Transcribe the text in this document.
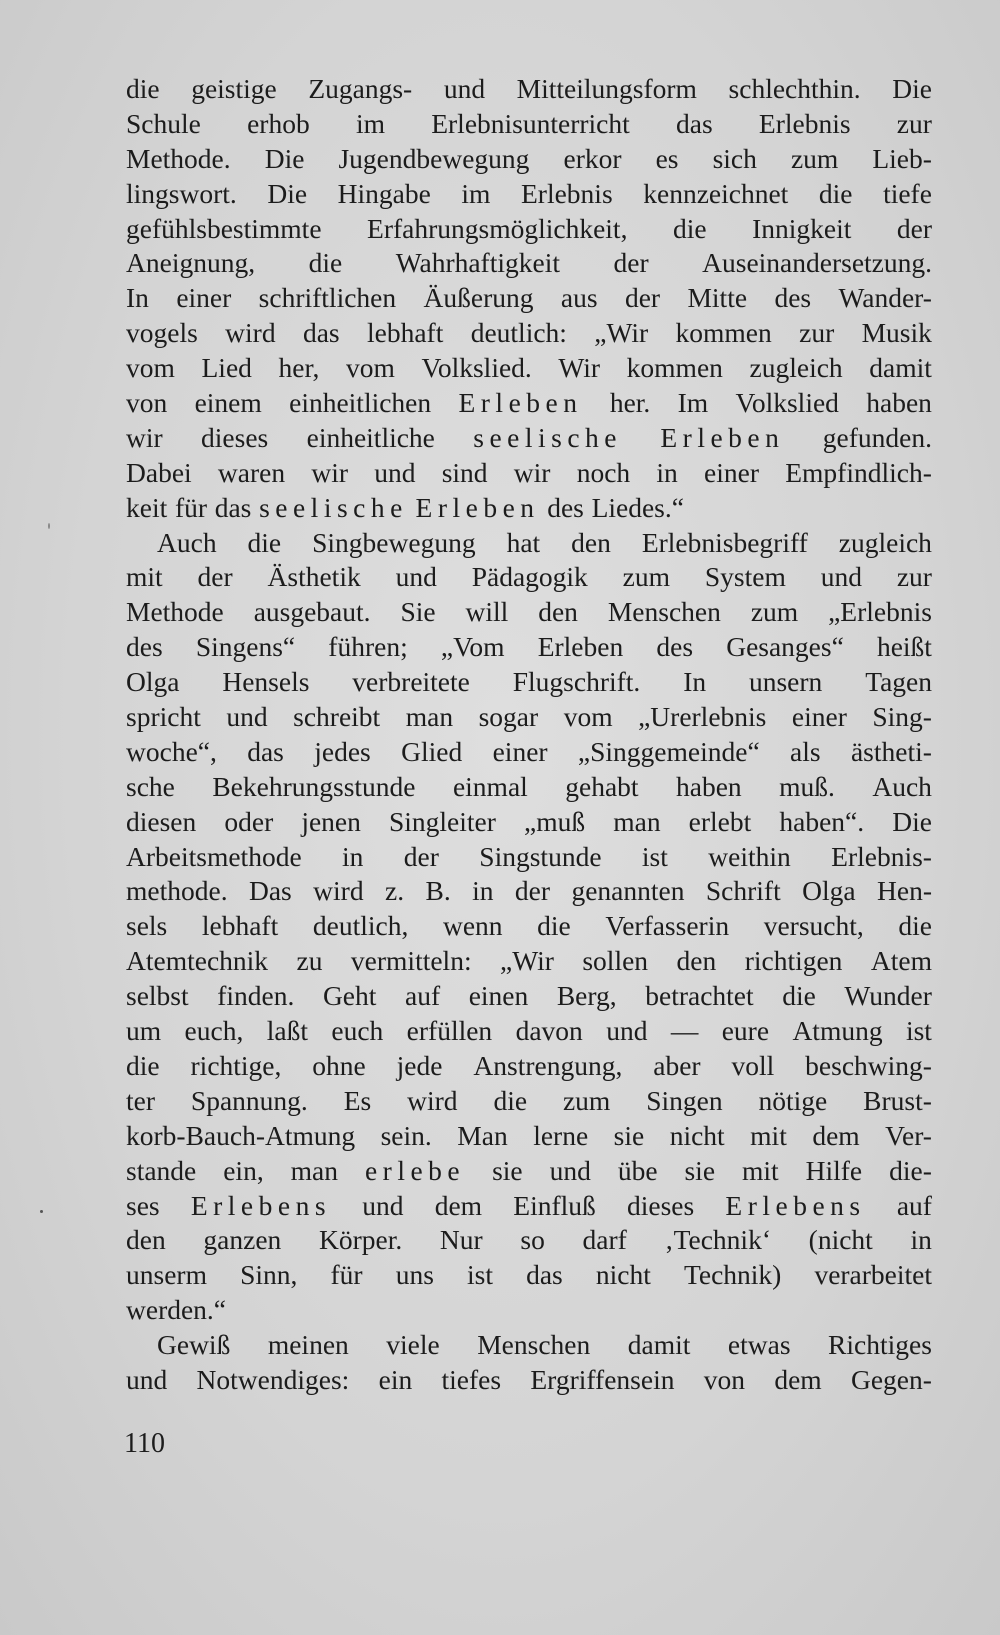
die geistige Zugangs- und Mitteilungsform schlechthin. Die
Schule erhob im Erlebnisunterricht das Erlebnis zur
Methode. Die Jugendbewegung erkor es sich zum Lieb-
lingswort. Die Hingabe im Erlebnis kennzeichnet die tiefe
gefühlsbestimmte Erfahrungsmöglichkeit, die Innigkeit der
Aneignung, die Wahrhaftigkeit der Auseinandersetzung.
In einer schriftlichen Äußerung aus der Mitte des Wander-
vogels wird das lebhaft deutlich: „Wir kommen zur Musik
vom Lied her, vom Volkslied. Wir kommen zugleich damit
von einem einheitlichen Erleben her. Im Volkslied haben
wir dieses einheitliche seelische Erleben gefunden.
Dabei waren wir und sind wir noch in einer Empfindlich-
keit für das seelische Erleben des Liedes.“
Auch die Singbewegung hat den Erlebnisbegriff zugleich
mit der Ästhetik und Pädagogik zum System und zur
Methode ausgebaut. Sie will den Menschen zum „Erlebnis
des Singens“ führen; „Vom Erleben des Gesanges“ heißt
Olga Hensels verbreitete Flugschrift. In unsern Tagen
spricht und schreibt man sogar vom „Urerlebnis einer Sing-
woche“, das jedes Glied einer „Singgemeinde“ als ästheti-
sche Bekehrungsstunde einmal gehabt haben muß. Auch
diesen oder jenen Singleiter „muß man erlebt haben“. Die
Arbeitsmethode in der Singstunde ist weithin Erlebnis-
methode. Das wird z. B. in der genannten Schrift Olga Hen-
sels lebhaft deutlich, wenn die Verfasserin versucht, die
Atemtechnik zu vermitteln: „Wir sollen den richtigen Atem
selbst finden. Geht auf einen Berg, betrachtet die Wunder
um euch, laßt euch erfüllen davon und — eure Atmung ist
die richtige, ohne jede Anstrengung, aber voll beschwing-
ter Spannung. Es wird die zum Singen nötige Brust-
korb-Bauch-Atmung sein. Man lerne sie nicht mit dem Ver-
stande ein, man erlebe sie und übe sie mit Hilfe die-
ses Erlebens und dem Einfluß dieses Erlebens auf
den ganzen Körper. Nur so darf ‚Technik‘ (nicht in
unserm Sinn, für uns ist das nicht Technik) verarbeitet
werden.“
Gewiß meinen viele Menschen damit etwas Richtiges
und Notwendiges: ein tiefes Ergriffensein von dem Gegen-
110
